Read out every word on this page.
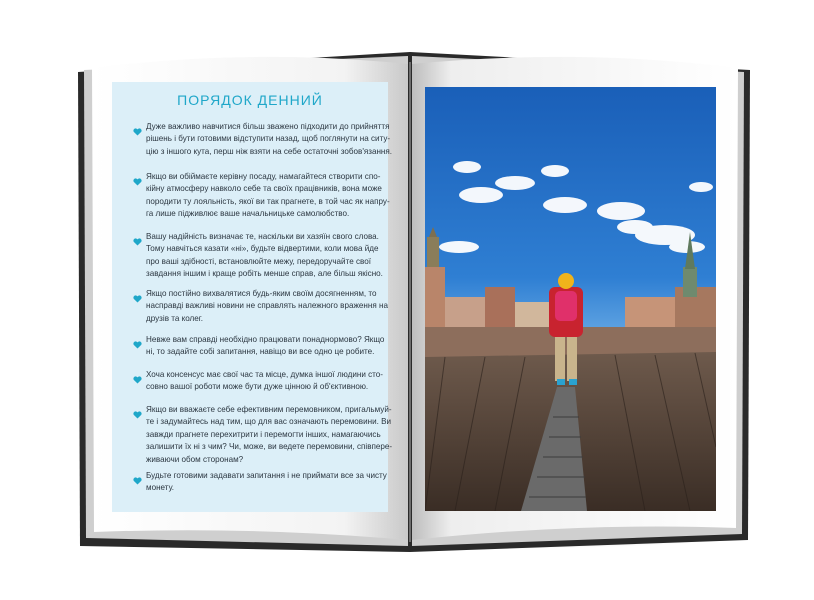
ПОРЯДОК ДЕННИЙ
Дуже важливо навчитися більш зважено підходити до прийняття
рішень і бути готовими відступити назад, щоб поглянути на ситу-
цію з іншого кута, перш ніж взяти на себе остаточні зобов'язання.
Якщо ви обіймаєте керівну посаду, намагайтеся створити спо-
кійну атмосферу навколо себе та своїх працівників, вона може
породити ту лояльність, якої ви так прагнете, в той час як напру-
га лише підживлює ваше начальницьке самолюбство.
Вашу надійність визначає те, наскільки ви хазяїн свого слова.
Тому навчіться казати «ні», будьте відвертими, коли мова йде
про ваші здібності, встановлюйте межу, передоручайте свої
завдання іншим і краще робіть менше справ, але більш якісно.
Якщо постійно вихвалятися будь-яким своїм досягненням, то
насправді важливі новини не справлять належного враження на
друзів та колег.
Невже вам справді необхідно працювати понаднормово? Якщо
ні, то задайте собі запитання, навіщо ви все одно це робите.
Хоча консенсус має свої час та місце, думка іншої людини сто-
совно вашої роботи може бути дуже цінною й об'єктивною.
Якщо ви вважаєте себе ефективним перемовником, пригальмуй-
те і задумайтесь над тим, що для вас означають перемовини. Ви
завжди прагнете перехитрити і перемогти інших, намагаючись
залишити їх ні з чим? Чи, може, ви ведете перемовини, співпере-
живаючи обом сторонам?
Будьте готовими задавати запитання і не приймати все за чисту
монету.
